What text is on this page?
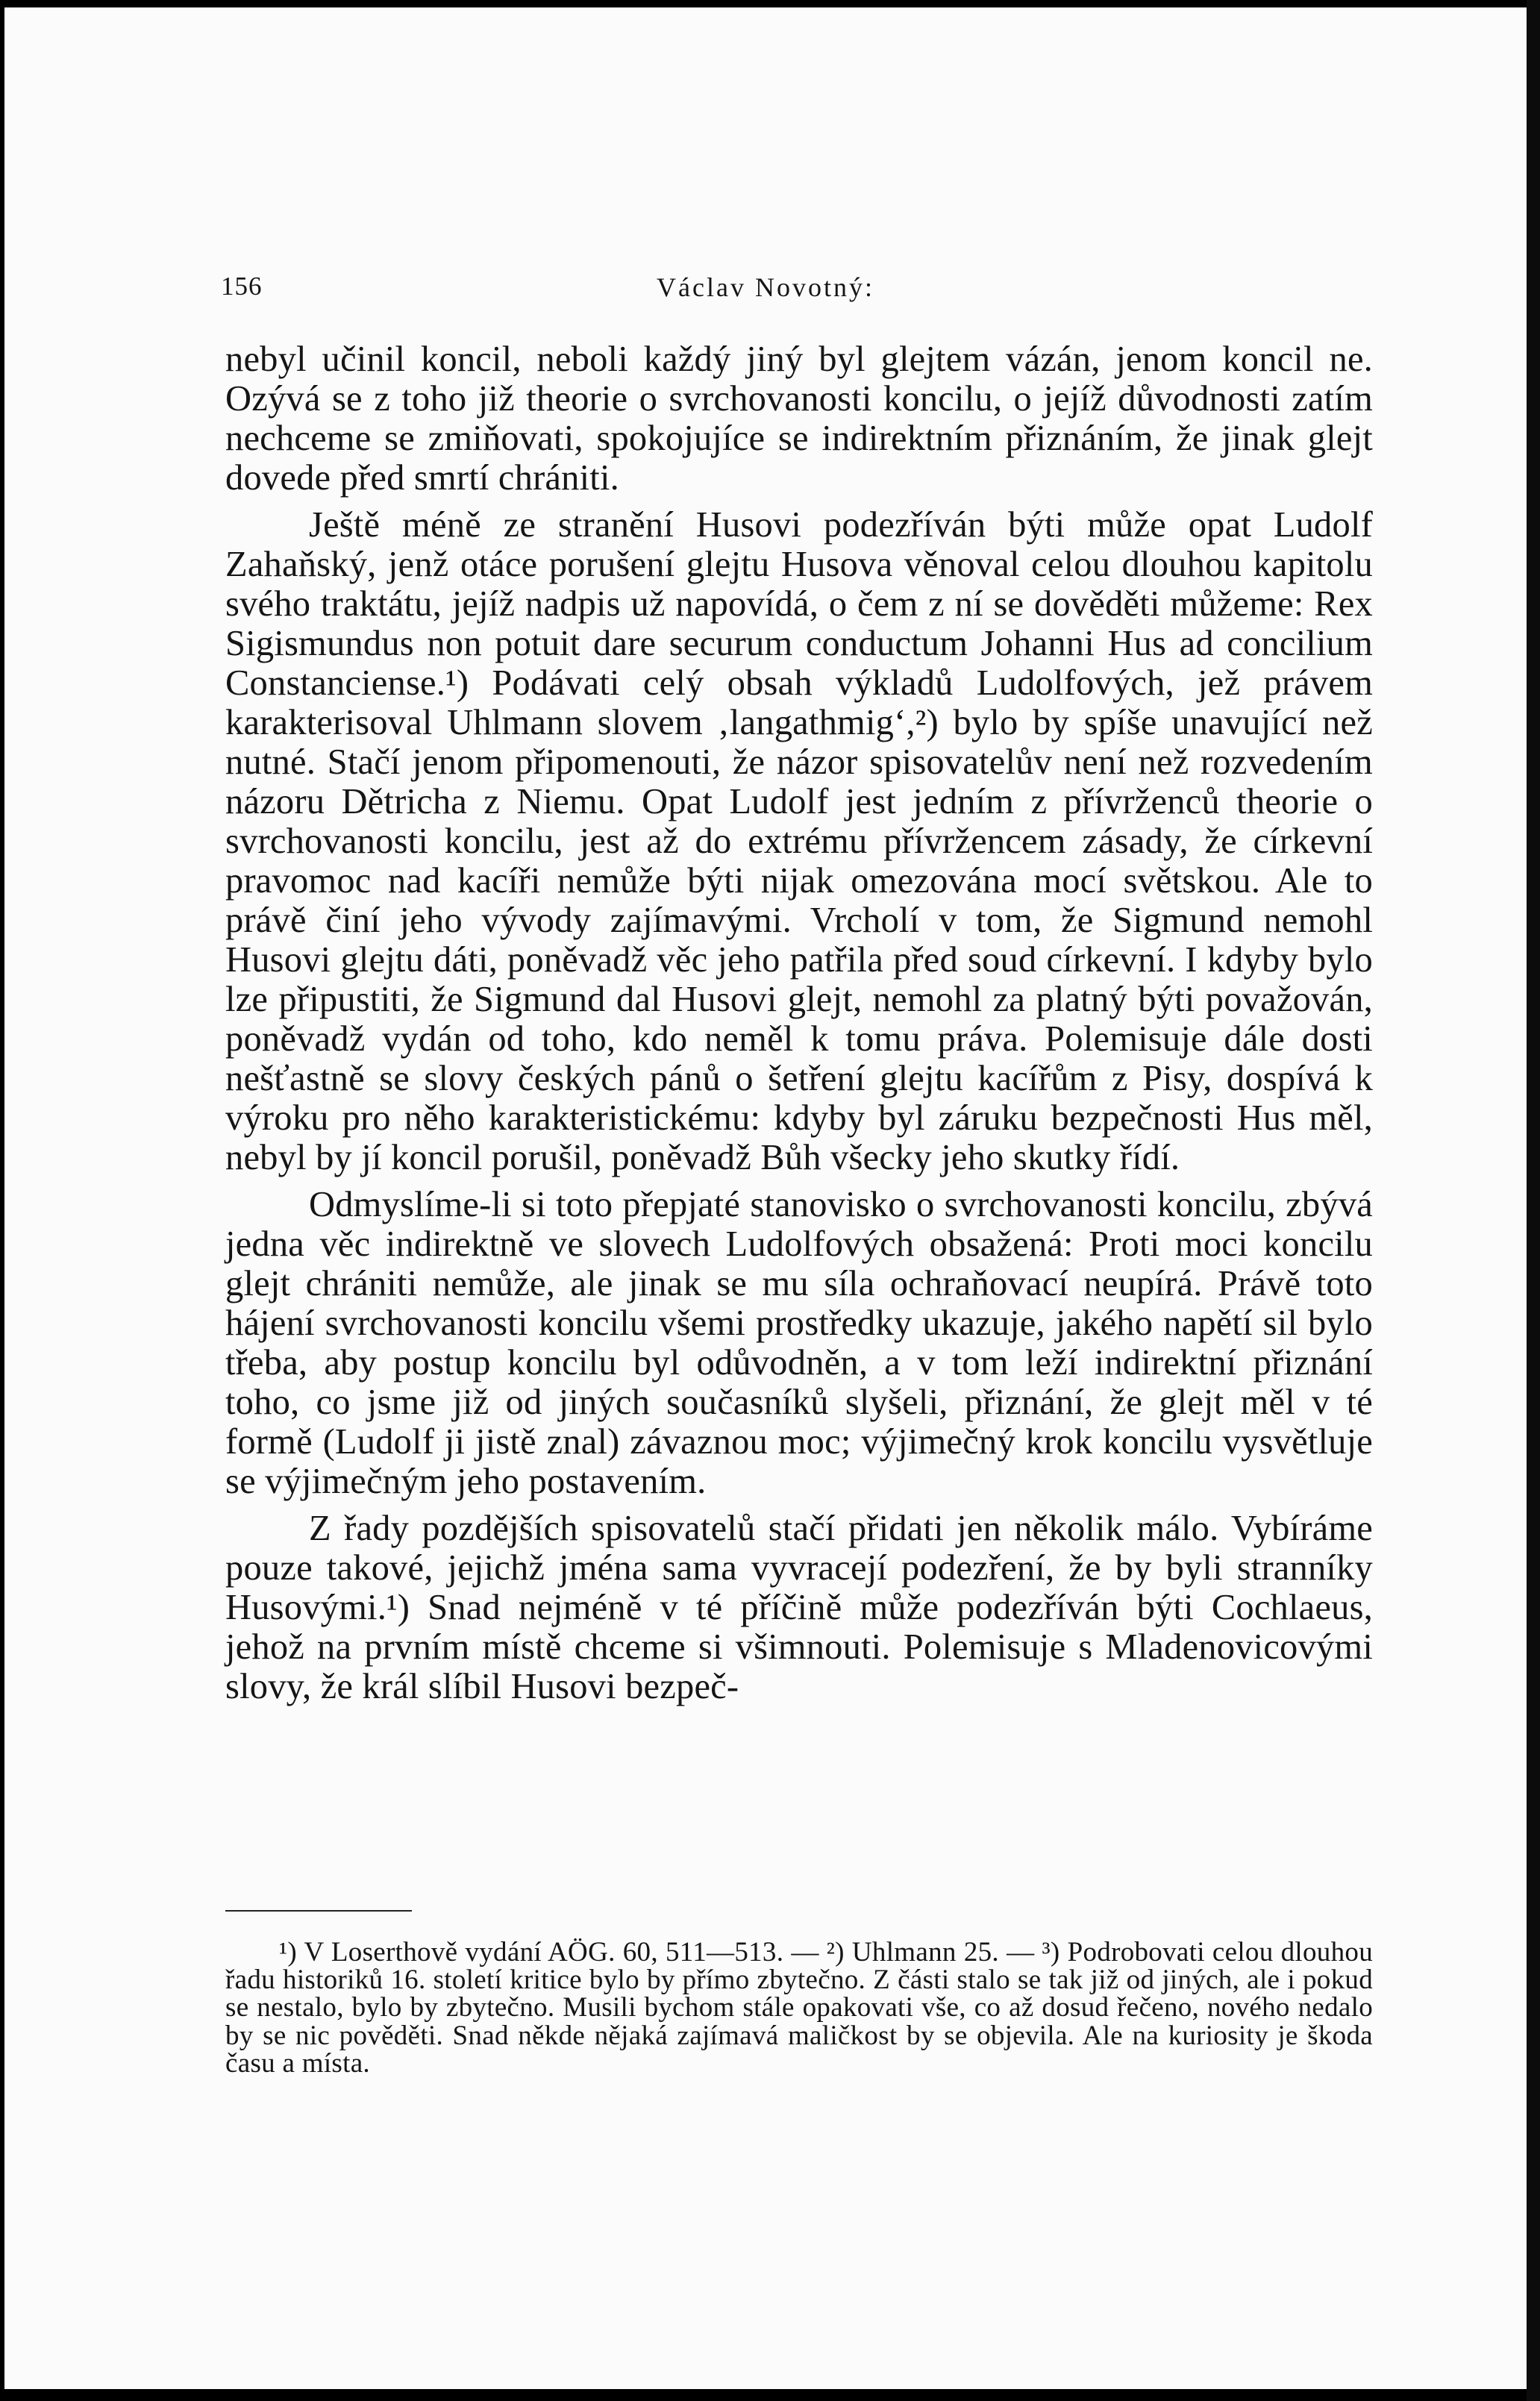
156	Václav Novotný:

nebyl učinil koncil, neboli každý jiný byl glejtem vázán, jenom koncil ne. Ozývá se z toho již theorie o svrchovanosti koncilu, o jejíž důvodnosti zatím nechceme se zmiňovati, spokojujíce se indirektním přiznáním, že jinak glejt dovede před smrtí chrániti.

Ještě méně ze stranění Husovi podezříván býti může opat Ludolf Zahaňský, jenž otáce porušení glejtu Husova věnoval celou dlouhou kapitolu svého traktátu, jejíž nadpis už napovídá, o čem z ní se dověděti můžeme: Rex Sigismundus non potuit dare securum conductum Johanni Hus ad concilium Constanciense.¹) Podávati celý obsah výkladů Ludolfových, jež právem karakterisoval Uhlmann slovem ‚langathmig‘,²) bylo by spíše unavující než nutné. Stačí jenom připomenouti, že názor spisovatelův není než rozvedením názoru Dětricha z Niemu. Opat Ludolf jest jedním z přívrženců theorie o svrchovanosti koncilu, jest až do extrému přívržencem zásady, že církevní pravomoc nad kacíři nemůže býti nijak omezována mocí světskou. Ale to právě činí jeho vývody zajímavými. Vrcholí v tom, že Sigmund nemohl Husovi glejtu dáti, poněvadž věc jeho patřila před soud církevní. I kdyby bylo lze připustiti, že Sigmund dal Husovi glejt, nemohl za platný býti považován, poněvadž vydán od toho, kdo neměl k tomu práva. Polemisuje dále dosti nešťastně se slovy českých pánů o šetření glejtu kacířům z Pisy, dospívá k výroku pro něho karakteristickému: kdyby byl záruku bezpečnosti Hus měl, nebyl by jí koncil porušil, poněvadž Bůh všecky jeho skutky řídí.

Odmyslíme-li si toto přepjaté stanovisko o svrchovanosti koncilu, zbývá jedna věc indirektně ve slovech Ludolfových obsažená: Proti moci koncilu glejt chrániti nemůže, ale jinak se mu síla ochraňovací neupírá. Právě toto hájení svrchovanosti koncilu všemi prostředky ukazuje, jakého napětí sil bylo třeba, aby postup koncilu byl odůvodněn, a v tom leží indirektní přiznání toho, co jsme již od jiných současníků slyšeli, přiznání, že glejt měl v té formě (Ludolf ji jistě znal) závaznou moc; výjimečný krok koncilu vysvětluje se výjimečným jeho postavením.

Z řady pozdějších spisovatelů stačí přidati jen několik málo. Vybíráme pouze takové, jejichž jména sama vyvracejí podezření, že by byli stranníky Husovými.¹) Snad nejméně v té příčině může podezříván býti Cochlaeus, jehož na prvním místě chceme si všimnouti. Polemisuje s Mladenovicovými slovy, že král slíbil Husovi bezpeč-

¹) V Loserthově vydání AÖG. 60, 511—513. — ²) Uhlmann 25. — ³) Podrobovati celou dlouhou řadu historiků 16. století kritice bylo by přímo zbytečno. Z části stalo se tak již od jiných, ale i pokud se nestalo, bylo by zbytečno. Musili bychom stále opakovati vše, co až dosud řečeno, nového nedalo by se nic pověděti. Snad někde nějaká zajímavá maličkost by se objevila. Ale na kuriosity je škoda času a místa.
